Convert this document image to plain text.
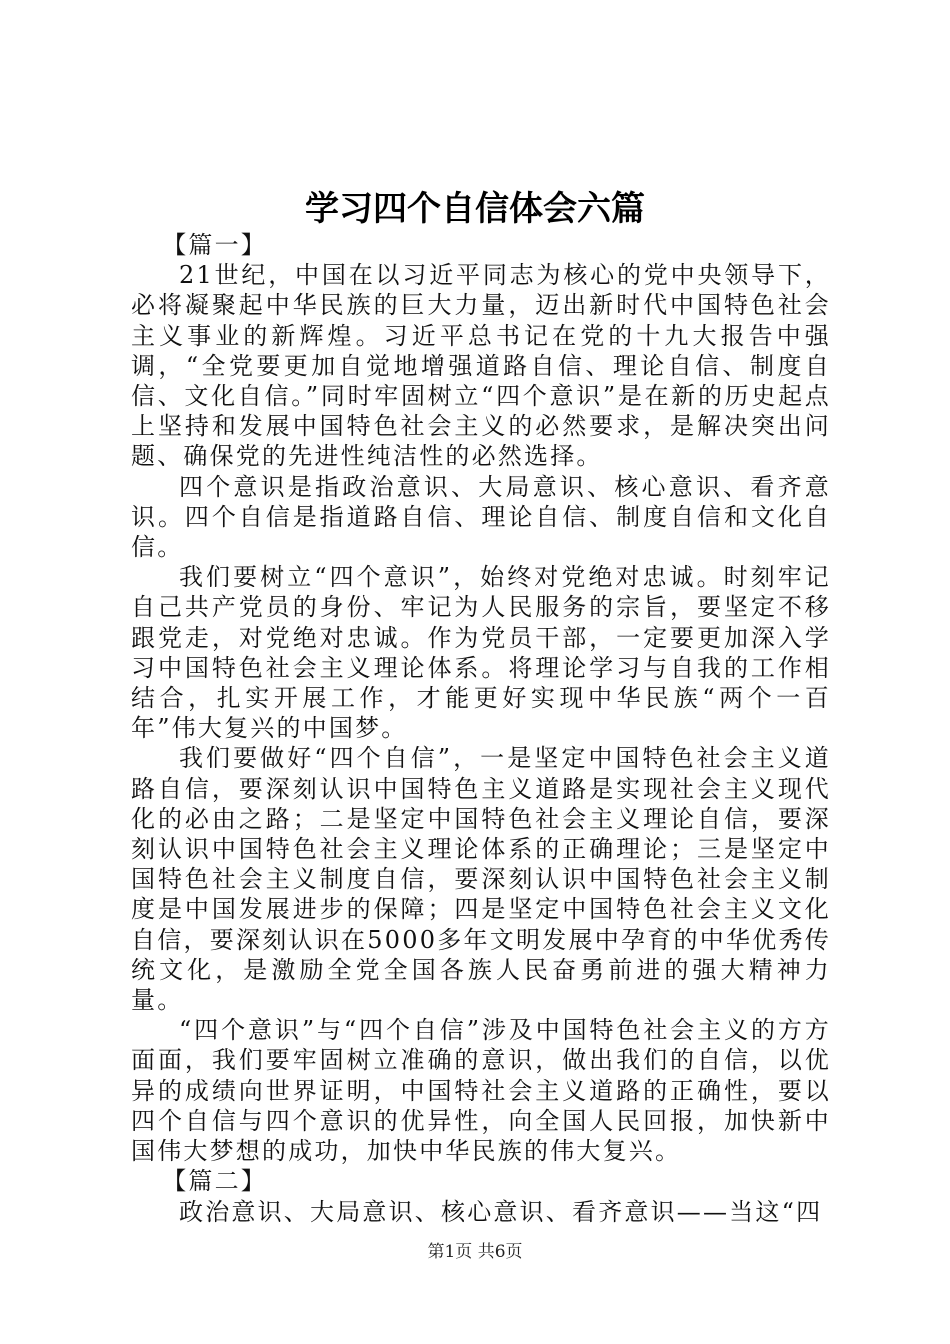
学习四个自信体会六篇

【篇一】

21世纪，中国在以习近平同志为核心的党中央领导下，必将凝聚起中华民族的巨大力量，迈出新时代中国特色社会主义事业的新辉煌。习近平总书记在党的十九大报告中强调，“全党要更加自觉地增强道路自信、理论自信、制度自信、文化自信。”同时牢固树立“四个意识”是在新的历史起点上坚持和发展中国特色社会主义的必然要求，是解决突出问题、确保党的先进性纯洁性的必然选择。

四个意识是指政治意识、大局意识、核心意识、看齐意识。四个自信是指道路自信、理论自信、制度自信和文化自信。

我们要树立“四个意识”，始终对党绝对忠诚。时刻牢记自己共产党员的身份、牢记为人民服务的宗旨，要坚定不移跟党走，对党绝对忠诚。作为党员干部，一定要更加深入学习中国特色社会主义理论体系。将理论学习与自我的工作相结合，扎实开展工作，才能更好实现中华民族“两个一百年”伟大复兴的中国梦。

我们要做好“四个自信”，一是坚定中国特色社会主义道路自信，要深刻认识中国特色主义道路是实现社会主义现代化的必由之路；二是坚定中国特色社会主义理论自信，要深刻认识中国特色社会主义理论体系的正确理论；三是坚定中国特色社会主义制度自信，要深刻认识中国特色社会主义制度是中国发展进步的保障；四是坚定中国特色社会主义文化自信，要深刻认识在5000多年文明发展中孕育的中华优秀传统文化，是激励全党全国各族人民奋勇前进的强大精神力量。

“四个意识”与“四个自信”涉及中国特色社会主义的方方面面，我们要牢固树立准确的意识，做出我们的自信，以优异的成绩向世界证明，中国特社会主义道路的正确性，要以四个自信与四个意识的优异性，向全国人民回报，加快新中国伟大梦想的成功，加快中华民族的伟大复兴。

【篇二】

政治意识、大局意识、核心意识、看齐意识——当这“四

第1页 共6页
